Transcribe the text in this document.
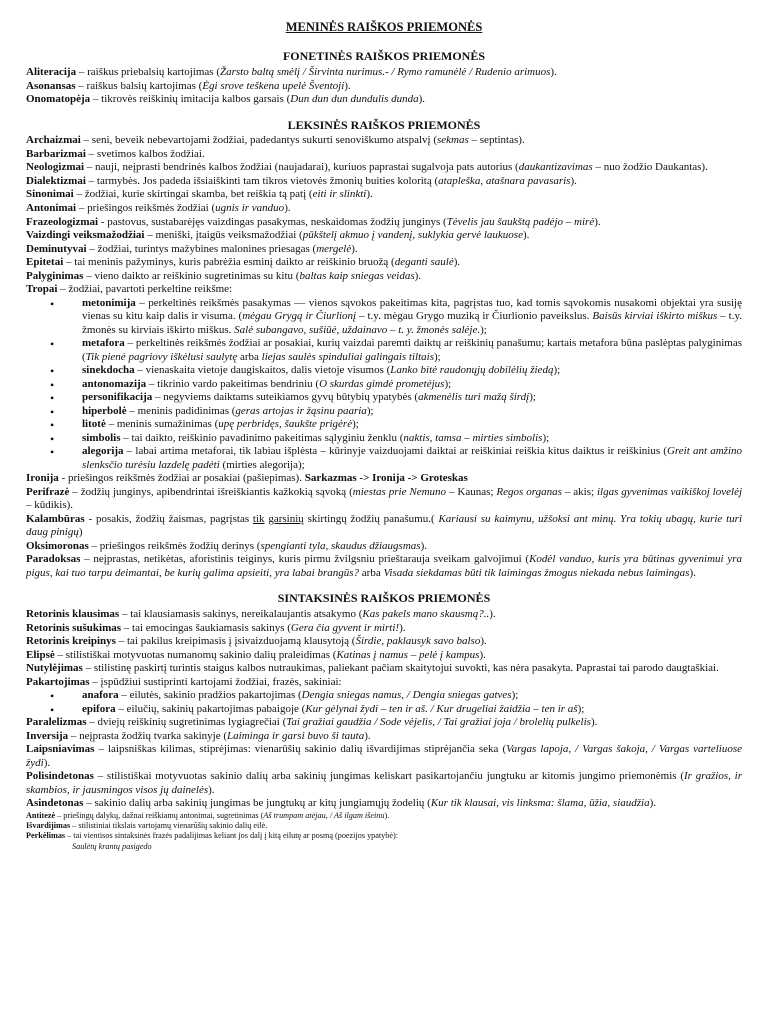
MENINĖS RAIŠKOS PRIEMONĖS
FONETINĖS RAIŠKOS PRIEMONĖS

Aliteracija – raiškus priebalsių kartojimas (Žarsto baltą smėlį / Širvinta nurimus.- / Rymo ramunėlė / Rudenio arimuos).

Asonansas – raiškus balsių kartojimas (Ėgi srove teškena upelė Šventoji).

Onomatopėja – tikrovės reiškinių imitacija kalbos garsais (Dun dun dun dundulis dunda).

LEKSINĖS RAIŠKOS PRIEMONĖS

Archaizmai – seni, beveik nebevartojami žodžiai, padedantys sukurti senoviškumo atspalvį (sekmas – septintas).

Barbarizmai – svetimos kalbos žodžiai.

Neologizmai – nauji, neįprasti bendrinės kalbos žodžiai (naujadarai), kuriuos paprastai sugalvoja pats autorius (daukantizavimas – nuo žodžio Daukantas).

Dialektizmai – tarmybės. Jos padeda išsiaiškinti tam tikros vietovės žmonių buities koloritą (atapleška, atašnara pavasaris).

Sinonimai – žodžiai, kurie skirtingai skamba, bet reiškia tą patį (eiti ir slinkti).

Antonimai – priešingos reikšmės žodžiai (ugnis ir vanduo).

Frazeologizmai - pastovus, sustabarėjęs vaizdingas pasakymas, neskaidomas žodžių junginys (Tėvelis jau šaukštą padėjo – mirė).

Vaizdingi veiksmažodžiai – meniški, įtaigūs veiksmažodžiai (pūkštelį akmuo į vandenį, suklykia gervė laukuose).

Deminutyvai – žodžiai, turintys mažybines malonines priesagas (mergelė).

Epitetai – tai meninis pažyminys, kuris pabrėžia esminį daikto ar reiškinio bruožą (deganti saulė).

Palyginimas – vieno daikto ar reiškinio sugretinimas su kitu (baltas kaip sniegas veidas).

Tropai – žodžiai, pavartoti perkeltine reikšme:

• metonimija – perkeltinės reikšmės pasakymas — vienos sąvokos pakeitimas kita, pagrįstas tuo, kad tomis sąvokomis nusakomi objektai yra susiję vienas su kitu kaip dalis ir visuma. (mėgau Grygą ir Čiurlionį – t.y. mėgau Grygo muziką ir Čiurlionio paveikslus. Baisūs kirviai iškirto miškus – t.y. žmonės su kirviais iškirto miškus. Salė subangavo, sušiūė, uždainavo – t. y. žmonės salėje.);
• metafora – perkeltinės reikšmės žodžiai ar posakiai, kurių vaizdai paremti daiktų ar reiškinių panašumu; kartais metafora būna paslėptas palyginimas (Tik pienė pagriovy iškėlusi saulytę arba liejas saulės spinduliai galingais tiltais);
• sinekdocha – vienaskaita vietoje daugiskaitos, dalis vietoje visumos (Lanko bitė raudonųjų dobilėlių žiedą);
• antonomazija – tikrinio vardo pakeitimas bendriniu (O skurdas gimdė prometėjus);
• personifikacija – negyviems daiktams suteikiamos gyvų būtybių ypatybės (akmenėlis turi mažą širdį);
• hiperbolė – meninis padidinimas (geras artojas ir žąsinu paaria);
• litotė – meninis sumažinimas (upę perbridęs, šaukšte prigėrė);
• simbolis – tai daikto, reiškinio pavadinimo pakeitimas sąlyginiu ženklu (naktis, tamsa – mirties simbolis);
• alegorija – labai artima metaforai, tik labiau išplėsta – kūrinyje vaizduojami daiktai ar reiškiniai reiškia kitus daiktus ir reiškinius (Greit ant amžino slenksčio turėsiu lazdelę padėti (mirties alegorija);

Ironija - priešingos reikšmės žodžiai ar posakiai (pašiepimas). Sarkazmas -> Ironija -> Groteskas

Perifrazė – žodžių junginys, apibendrintai išreiškiantis kažkokią sąvoką (miestas prie Nemuno – Kaunas; Regos organas – akis; ilgas gyvenimas vaikiškoj lovelėj – kūdikis).

Kalambūras - posakis, žodžių žaismas, pagrįstas tik garsinių skirtingų žodžių panašumu.( Kariausi su kaimynu, užšoksi ant minų. Yra tokių ubagų, kurie turi daug pinigų)

Oksimoronas – priešingos reikšmės žodžių derinys (spengianti tyla, skaudus džiaugsmas).

Paradoksas – neįprastas, netikėtas, aforistinis teiginys, kuris pirmu žvilgsniu prieštarauja sveikam galvojimui (Kodėl vanduo, kuris yra būtinas gyvenimui yra pigus, kai tuo tarpu deimantai, be kurių galima apsieiti, yra labai brangūs? arba Visada siekdamas būti tik laimingas žmogus niekada nebus laimingas).

SINTAKSINĖS RAIŠKOS PRIEMONĖS

Retorinis klausimas – tai klausiamasis sakinys, nereikalaujantis atsakymo (Kas pakels mano skausmą?..).

Retorinis sušukimas – tai emocingas šaukiamasis sakinys (Gera čia gyvent ir mirti!).

Retorinis kreipinys – tai pakilus kreipimasis į įsivaizduojamą klausytoją (Širdie, paklausyk savo balso).

Elipsė – stilistiškai motyvuotas numanomų sakinio dalių praleidimas (Katinas į namus – pelė į kampus).

Nutylėjimas – stilistinę paskirtį turintis staigus kalbos nutraukimas, paliekant pačiam skaitytojui suvokti, kas nėra pasakyta. Paprastai tai parodo daugtaškiai.

Pakartojimas – įspūdžiui sustiprinti kartojami žodžiai, frazės, sakiniai:

• anafora – eilutės, sakinio pradžios pakartojimas (Dengia sniegas namus, / Dengia sniegas gatves);
• epifora – eilučių, sakinių pakartojimas pabaigoje (Kur gėlynai žydi – ten ir aš. / Kur drugeliai žaidžia – ten ir aš);

Paralelizmas – dviejų reiškinių sugretinimas lygiagrečiai (Tai gražiai gaudžia / Sode vėjelis, / Tai gražiai joja / brolelių pulkelis).

Inversija – neįprasta žodžių tvarka sakinyje (Laiminga ir garsi buvo ši tauta).

Laipsniavimas – laipsniškas kilimas, stiprėjimas: vienarūšių sakinio dalių išvardijimas stiprėjančia seka (Vargas lapoja, / Vargas šakoja, / Vargas varteliuose žydi).

Polisindetonas – stilistiškai motyvuotas sakinio dalių arba sakinių jungimas keliskart pasikartojančiu jungtuku ar kitomis jungimo priemonėmis (Ir gražios, ir skambios, ir jausmingos visos jų dainelės).

Asindetonas – sakinio dalių arba sakinių jungimas be jungtukų ar kitų jungiamųjų žodelių (Kur tik klausai, vis linksma: šlama, ūžia, siaudžia).

Antitezė – priešingų dalykų, dažnai reiškiamų antonimai, sugretinimas (Aš trumpam atėjau, / Aš ilgam išeinu).

Išvardijimas – stilistiniai tikslais vartojamų vienarūšių sakinio dalių eilė.

Perkėlimas – tai vientisos sintaksinės frazės padalijimas keliant jos dalį į kitą eilutę ar posmą (poezijos ypatybė):

Saulėtų krantų pasigedo
